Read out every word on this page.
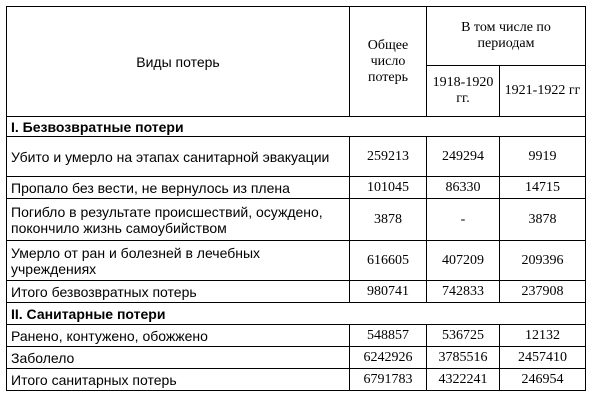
Виды потерь	Общее число потерь	В том числе по периодам	
		1918-1920 гг.	1921-1922 гг
I. Безвозвратные потери			
Убито и умерло на этапах санитарной эвакуации	259213	249294	9919
Пропало без вести, не вернулось из плена	101045	86330	14715
Погибло в результате происшествий, осуждено, покончило жизнь самоубийством	3878	-	3878
Умерло от ран и болезней в лечебных учреждениях	616605	407209	209396
Итого безвозвратных потерь	980741	742833	237908
II. Санитарные потери			
Ранено, контужено, обожжено	548857	536725	12132
Заболело	6242926	3785516	2457410
Итого санитарных потерь	6791783	4322241	246954
